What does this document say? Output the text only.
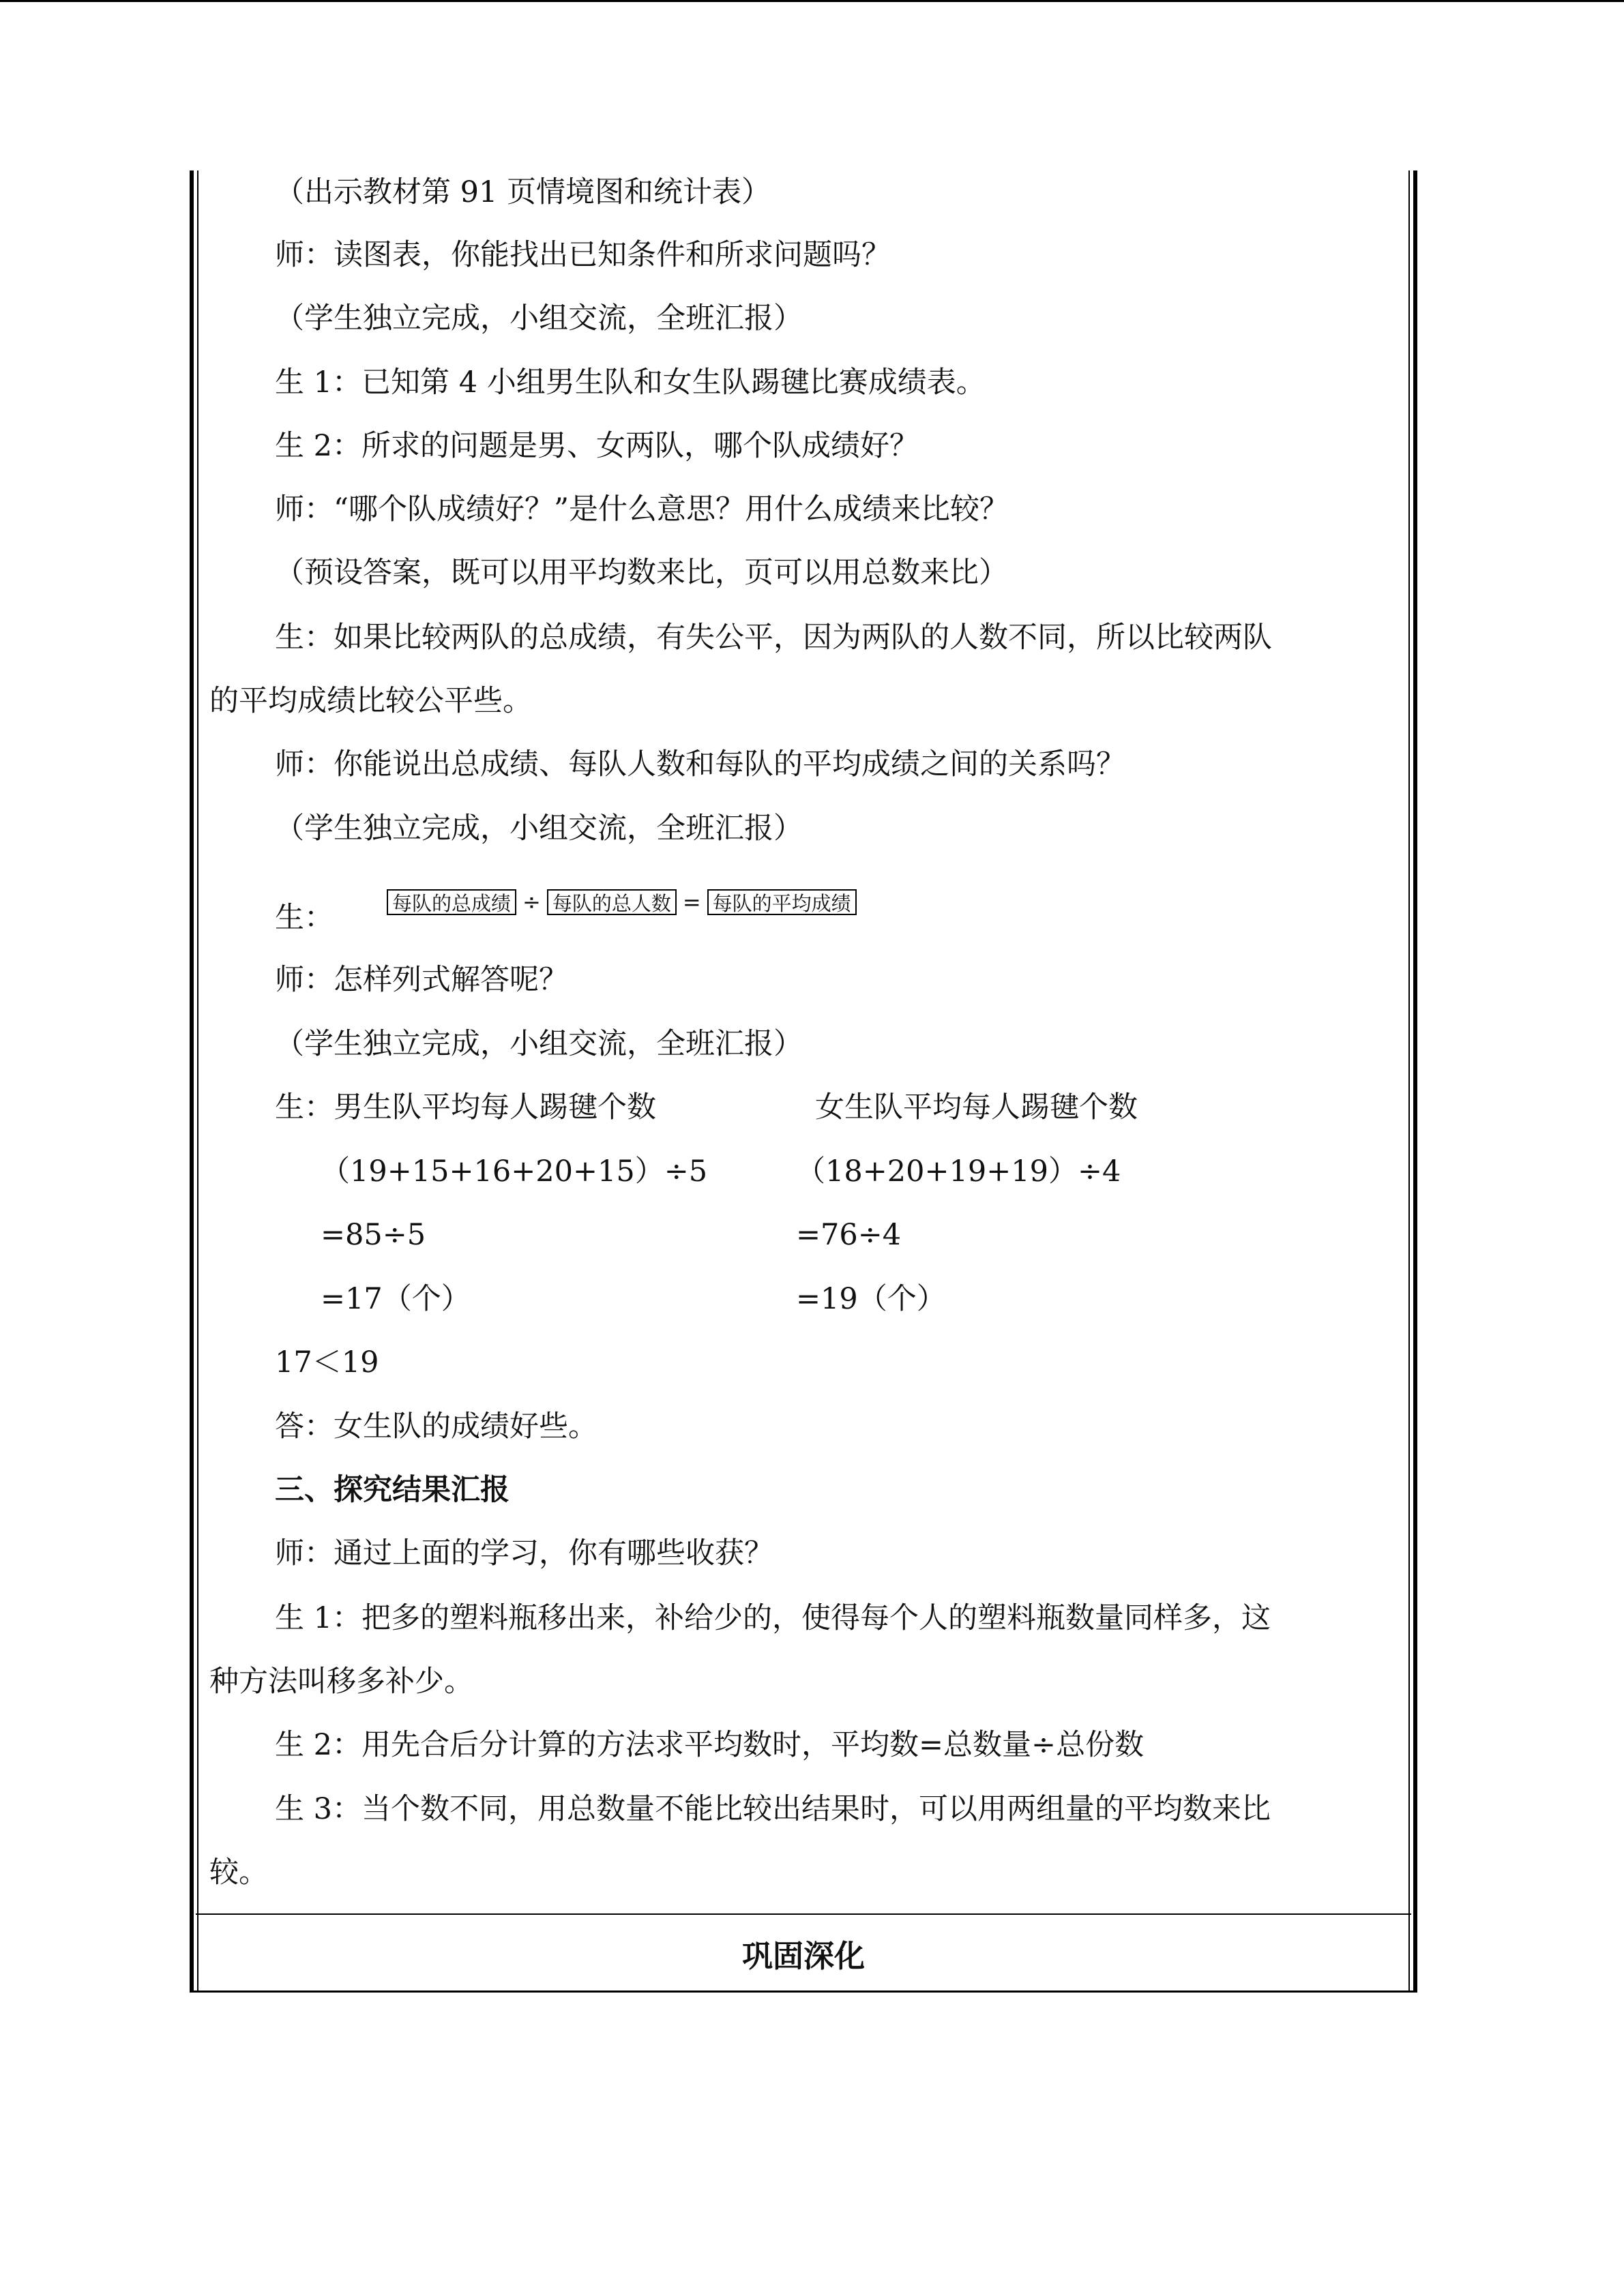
（出示教材第 91 页情境图和统计表）
师：读图表，你能找出已知条件和所求问题吗？
（学生独立完成，小组交流，全班汇报）
生 1：已知第 4 小组男生队和女生队踢毽比赛成绩表。
生 2：所求的问题是男、女两队，哪个队成绩好？
师：“哪个队成绩好？”是什么意思？用什么成绩来比较？
（预设答案，既可以用平均数来比，页可以用总数来比）
生：如果比较两队的总成绩，有失公平，因为两队的人数不同，所以比较两队
的平均成绩比较公平些。
师：你能说出总成绩、每队人数和每队的平均成绩之间的关系吗？
（学生独立完成，小组交流，全班汇报）
生：	每队的总成绩 ÷ 每队的总人数 = 每队的平均成绩
师：怎样列式解答呢？
（学生独立完成，小组交流，全班汇报）
生：男生队平均每人踢毽个数	女生队平均每人踢毽个数
（19+15+16+20+15）÷5	（18+20+19+19）÷4
=85÷5	=76÷4
=17（个）	=19（个）
17＜19
答：女生队的成绩好些。
三、探究结果汇报
师：通过上面的学习，你有哪些收获？
生 1：把多的塑料瓶移出来，补给少的，使得每个人的塑料瓶数量同样多，这
种方法叫移多补少。
生 2：用先合后分计算的方法求平均数时，平均数=总数量÷总份数
生 3：当个数不同，用总数量不能比较出结果时，可以用两组量的平均数来比
较。
巩固深化
